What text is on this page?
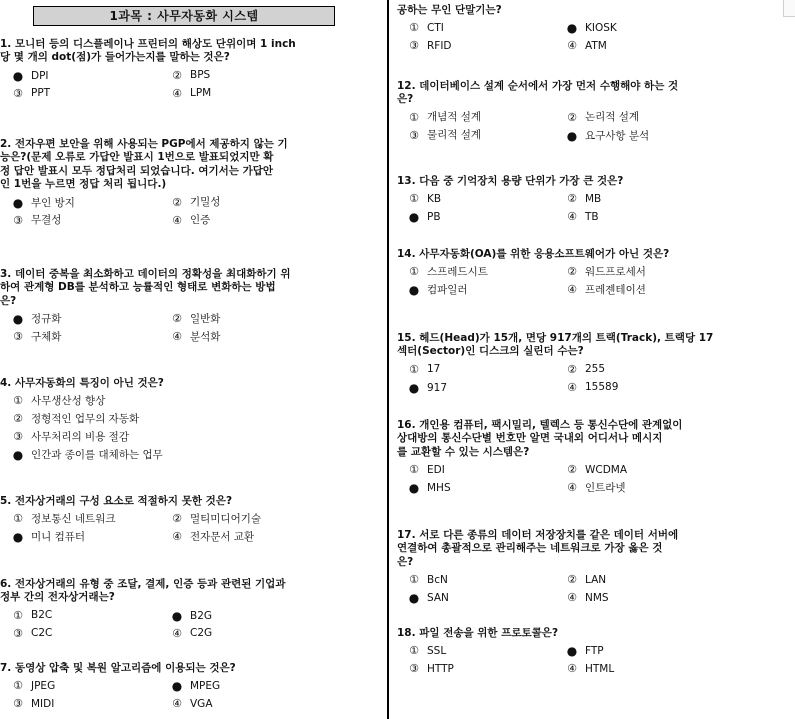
1과목 : 사무자동화 시스템
1. 모니터 등의 디스플레이나 프린터의 해상도 단위이며 1 inch
당 몇 개의 dot(점)가 들어가는지를 말하는 것은?
● DPI	② BPS
③ PPT	④ LPM
2. 전자우편 보안을 위해 사용되는 PGP에서 제공하지 않는 기
능은?(문제 오류로 가답안 발표시 1번으로 발표되었지만 확
정 답안 발표시 모두 정답처리 되었습니다. 여기서는 가답안
인 1번을 누르면 정답 처리 됩니다.)
● 부인 방지	② 기밀성
③ 무결성	④ 인증
3. 데이터 중복을 최소화하고 데이터의 정확성을 최대화하기 위
하여 관계형 DB를 분석하고 능률적인 형태로 변화하는 방법
은?
● 정규화	② 일반화
③ 구체화	④ 분석화
4. 사무자동화의 특징이 아닌 것은?
① 사무생산성 향상
② 정형적인 업무의 자동화
③ 사무처리의 비용 절감
● 인간과 종이를 대체하는 업무
5. 전자상거래의 구성 요소로 적절하지 못한 것은?
① 정보통신 네트워크	② 멀티미디어기술
● 미니 컴퓨터	④ 전자문서 교환
6. 전자상거래의 유형 중 조달, 결제, 인증 등과 관련된 기업과
정부 간의 전자상거래는?
① B2C	● B2G
③ C2C	④ C2G
7. 동영상 압축 및 복원 알고리즘에 이용되는 것은?
① JPEG	● MPEG
③ MIDI	④ VGA
공하는 무인 단말기는?
① CTI	● KIOSK
③ RFID	④ ATM
12. 데이터베이스 설계 순서에서 가장 먼저 수행해야 하는 것
은?
① 개념적 설계	② 논리적 설계
③ 물리적 설계	● 요구사항 분석
13. 다음 중 기억장치 용량 단위가 가장 큰 것은?
① KB	② MB
● PB	④ TB
14. 사무자동화(OA)를 위한 응용소프트웨어가 아닌 것은?
① 스프레드시트	② 워드프로세서
● 컴파일러	④ 프레젠테이션
15. 헤드(Head)가 15개, 면당 917개의 트랙(Track), 트랙당 17
섹터(Sector)인 디스크의 실린더 수는?
① 17	② 255
● 917	④ 15589
16. 개인용 컴퓨터, 팩시밀리, 텔렉스 등 통신수단에 관계없이
상대방의 통신수단별 번호만 알면 국내외 어디서나 메시지
를 교환할 수 있는 시스템은?
① EDI	② WCDMA
● MHS	④ 인트라넷
17. 서로 다른 종류의 데이터 저장장치를 같은 데이터 서버에
연결하여 총괄적으로 관리해주는 네트워크로 가장 옳은 것
은?
① BcN	② LAN
● SAN	④ NMS
18. 파일 전송을 위한 프로토콜은?
① SSL	● FTP
③ HTTP	④ HTML
